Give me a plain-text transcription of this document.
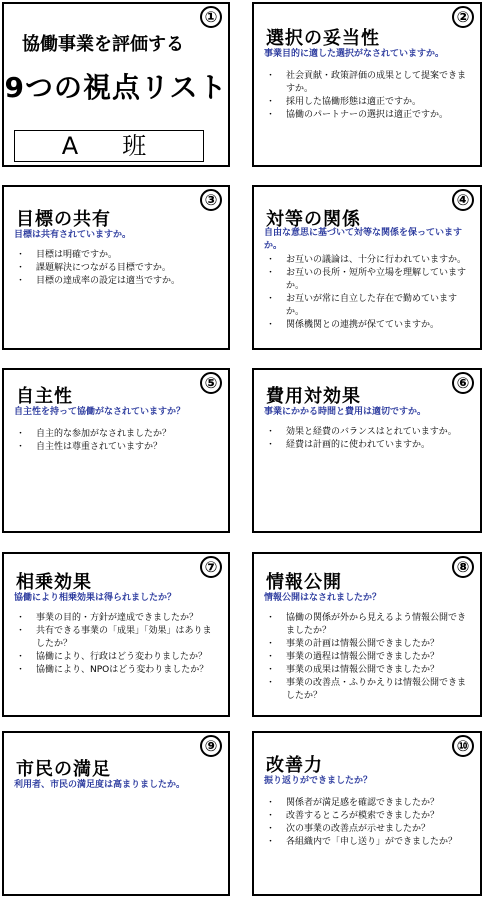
①
協働事業を評価する
9つの視点リスト
A　班
②
選択の妥当性
事業目的に適した選択がなされていますか。
・ 社会貢献・政策評価の成果として提案できますか。
・ 採用した協働形態は適正ですか。
・ 協働のパートナーの選択は適正ですか。
③
目標の共有
目標は共有されていますか。
・ 目標は明確ですか。
・ 課題解決につながる目標ですか。
・ 目標の達成率の設定は適当ですか。
④
対等の関係
自由な意思に基づいて対等な関係を保っていますか。
・ お互いの議論は、十分に行われていますか。
・ お互いの長所・短所や立場を理解していますか。
・ お互いが常に自立した存在で勤めていますか。
・ 関係機関との連携が保てていますか。
⑤
自主性
自主性を持って協働がなされていますか？
・ 自主的な参加がなされましたか？
・ 自主性は尊重されていますか？
⑥
費用対効果
事業にかかる時間と費用は適切ですか。
・ 効果と経費のバランスはとれていますか。
・ 経費は計画的に使われていますか。
⑦
相乗効果
協働により相乗効果は得られましたか？
・ 事業の目的・方針が達成できましたか？
・ 共有できる事業の「成果」「効果」はありましたか？
・ 協働により、行政はどう変わりましたか？
・ 協働により、NPOはどう変わりましたか？
⑧
情報公開
情報公開はなされましたか？
・ 協働の関係が外から見えるよう情報公開できましたか？
・ 事業の計画は情報公開できましたか？
・ 事業の過程は情報公開できましたか？
・ 事業の成果は情報公開できましたか？
・ 事業の改善点・ふりかえりは情報公開できましたか？
⑨
市民の満足
利用者、市民の満足度は高まりましたか。
⑩
改善力
振り返りができましたか？
・ 関係者が満足感を確認できましたか？
・ 改善するところが模索できましたか？
・ 次の事業の改善点が示せましたか？
・ 各組織内で「申し送り」ができましたか？
